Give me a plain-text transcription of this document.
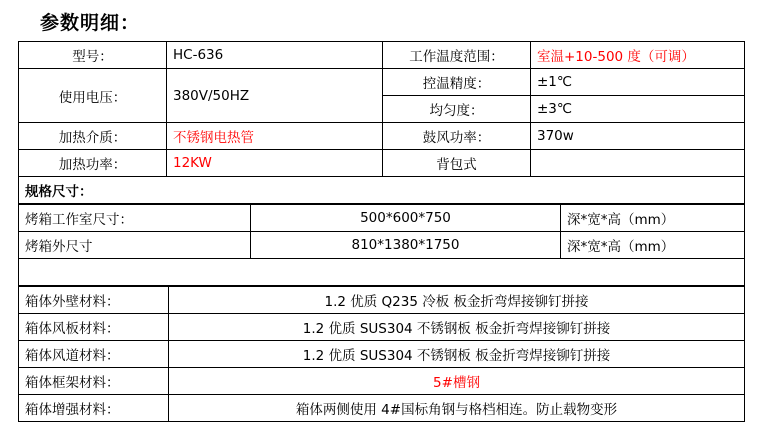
参数明细：
型号：	HC-636	工作温度范围：	室温+10-500 度（可调）
使用电压：	380V/50HZ	控温精度：	±1℃
		均匀度：	±3℃
加热介质：	不锈钢电热管	鼓风功率：	370w
加热功率：	12KW	背包式	
规格尺寸：			
烤箱工作室尺寸：	500*600*750	深*宽*高（mm）
烤箱外尺寸	810*1380*1750	深*宽*高（mm）

箱体外壁材料：	1.2 优质 Q235 冷板 板金折弯焊接铆钉拼接
箱体风板材料：	1.2 优质 SUS304 不锈钢板 板金折弯焊接铆钉拼接
箱体风道材料：	1.2 优质 SUS304 不锈钢板 板金折弯焊接铆钉拼接
箱体框架材料：	5#槽钢
箱体增强材料：	箱体两侧使用 4#国标角钢与格档相连。防止载物变形
